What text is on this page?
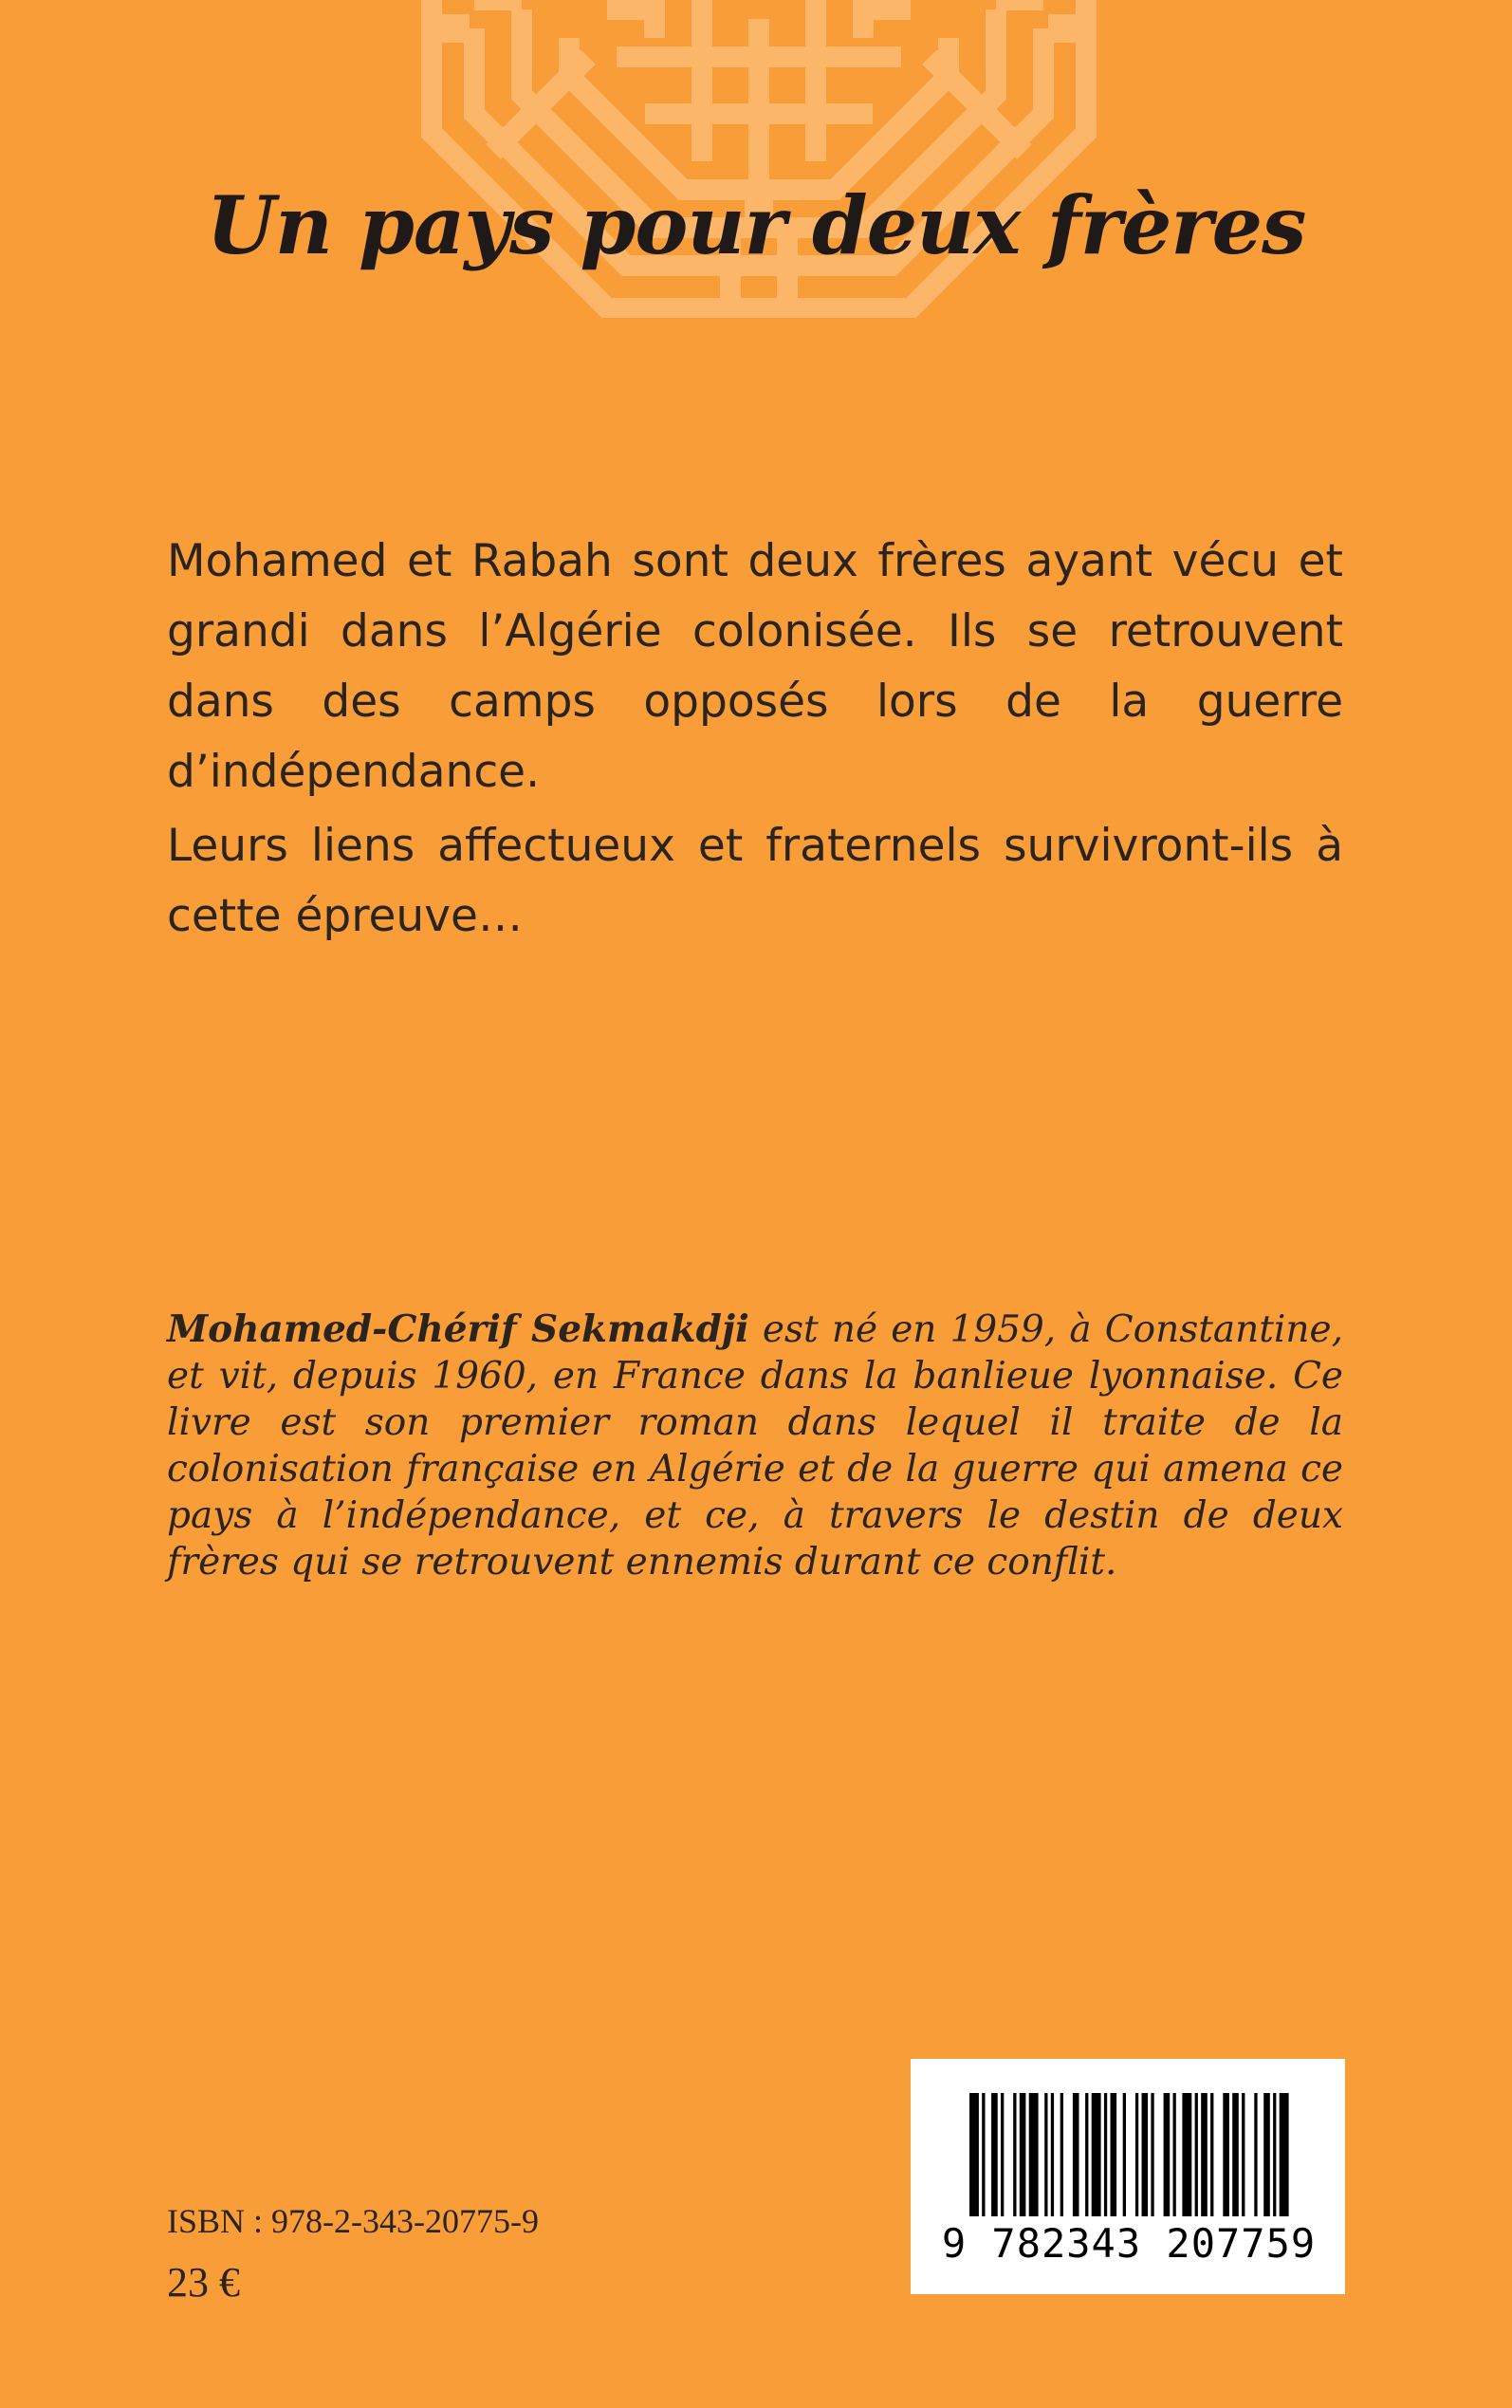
Un pays pour deux frères

Mohamed et Rabah sont deux frères ayant vécu et grandi dans l’Algérie colonisée. Ils se retrouvent dans des camps opposés lors de la guerre d’indépendance.

Leurs liens affectueux et fraternels survivront-ils à cette épreuve…

Mohamed-Chérif Sekmakdji est né en 1959, à Constantine, et vit, depuis 1960, en France dans la banlieue lyonnaise. Ce livre est son premier roman dans lequel il traite de la colonisation française en Algérie et de la guerre qui amena ce pays à l’indépendance, et ce, à travers le destin de deux frères qui se retrouvent ennemis durant ce conflit.

ISBN : 978-2-343-20775-9
23 €
9 782343 207759
